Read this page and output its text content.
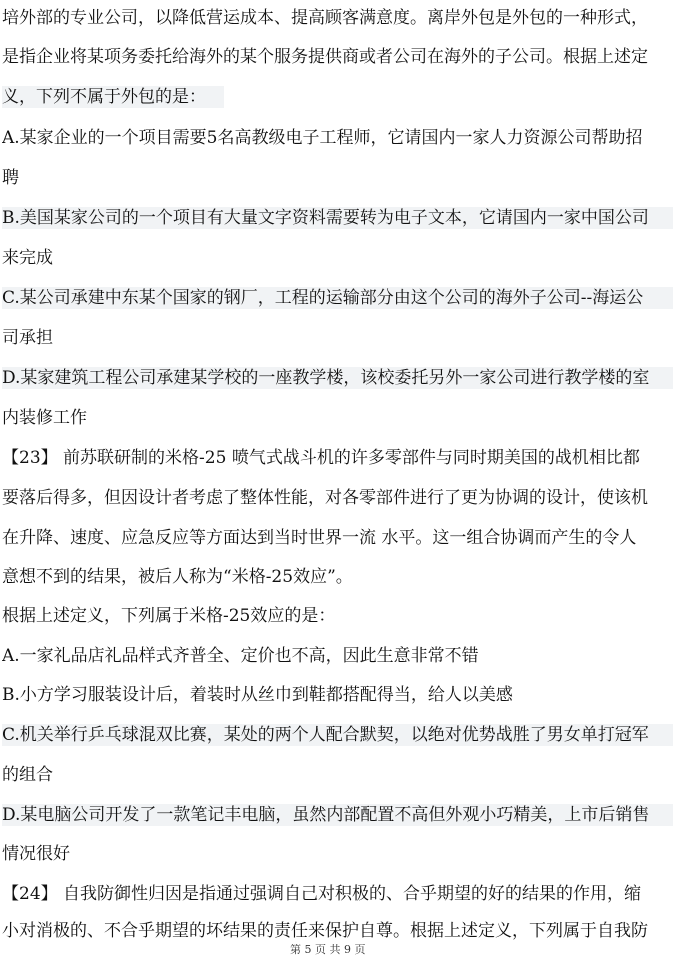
培外部的专业公司，以降低营运成本、提高顾客满意度。离岸外包是外包的一种形式，
是指企业将某项务委托给海外的某个服务提供商或者公司在海外的子公司。根据上述定
义，下列不属于外包的是：
A.某家企业的一个项目需要5名高教级电子工程师，它请国内一家人力资源公司帮助招
聘
B.美国某家公司的一个项目有大量文字资料需要转为电子文本，它请国内一家中国公司
来完成
C.某公司承建中东某个国家的钢厂，工程的运输部分由这个公司的海外子公司--海运公
司承担
D.某家建筑工程公司承建某学校的一座教学楼，该校委托另外一家公司进行教学楼的室
内装修工作
【23】 前苏联研制的米格-25 喷气式战斗机的许多零部件与同时期美国的战机相比都
要落后得多，但因设计者考虑了整体性能，对各零部件进行了更为协调的设计，使该机
在升降、速度、应急反应等方面达到当时世界一流 水平。这一组合协调而产生的令人
意想不到的结果，被后人称为“米格-25效应”。
根据上述定义，下列属于米格-25效应的是：
A.一家礼品店礼品样式齐普全、定价也不高，因此生意非常不错
B.小方学习服装设计后，着装时从丝巾到鞋都搭配得当，给人以美感
C.机关举行乒乓球混双比赛，某处的两个人配合默契，以绝对优势战胜了男女单打冠军
的组合
D.某电脑公司开发了一款笔记丰电脑，虽然内部配置不高但外观小巧精美，上市后销售
情况很好
【24】 自我防御性归因是指通过强调自己对积极的、合乎期望的好的结果的作用，缩
小对消极的、不合乎期望的坏结果的责任来保护自尊。根据上述定义，下列属于自我防
第 5 页 共 9 页
